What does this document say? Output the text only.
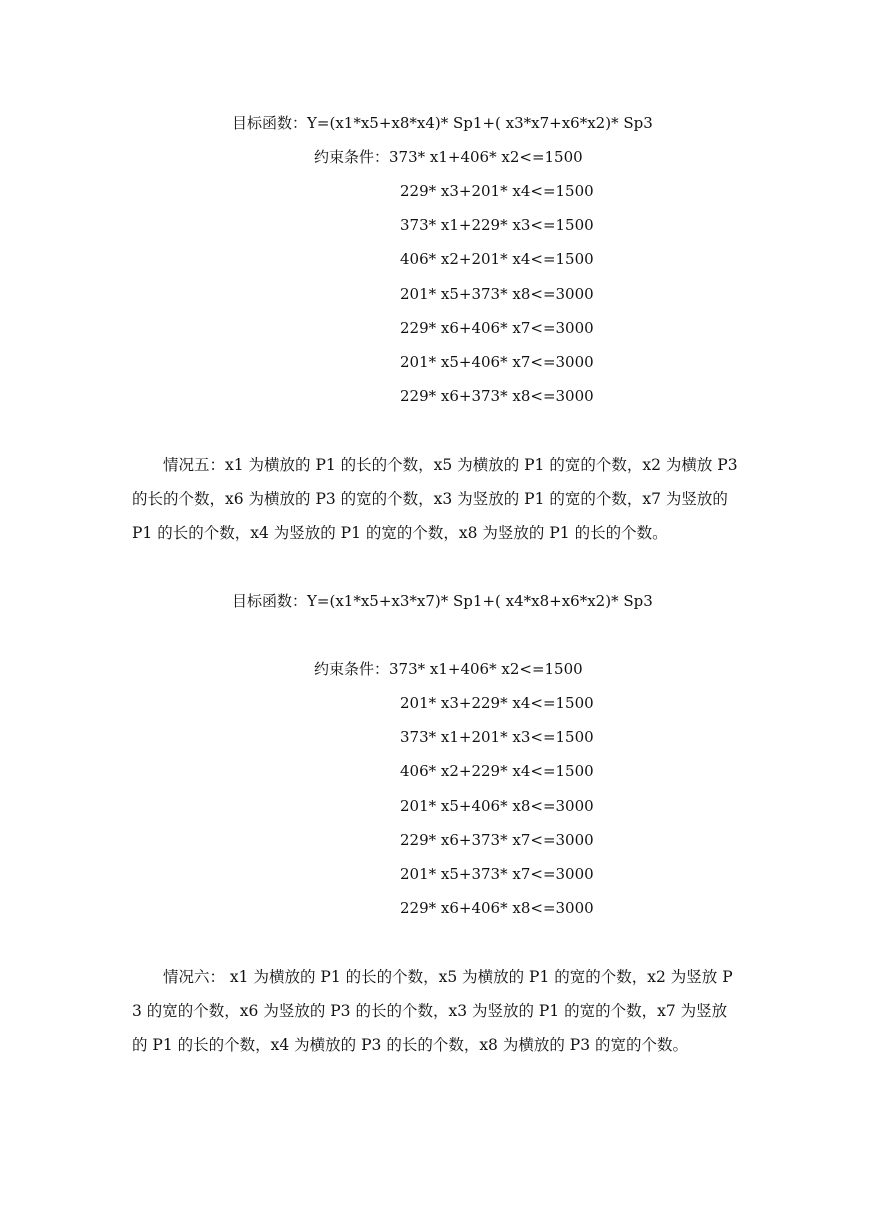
目标函数：Y=(x1*x5+x8*x4)* Sp1+( x3*x7+x6*x2)* Sp3
约束条件：373* x1+406* x2<=1500
229* x3+201* x4<=1500
373* x1+229* x3<=1500
406* x2+201* x4<=1500
201* x5+373* x8<=3000
229* x6+406* x7<=3000
201* x5+406* x7<=3000
229* x6+373* x8<=3000
情况五：x1 为横放的 P1 的长的个数，x5 为横放的 P1 的宽的个数，x2 为横放 P3 的长的个数，x6 为横放的 P3 的宽的个数，x3 为竖放的 P1 的宽的个数，x7 为竖放的 P1 的长的个数，x4 为竖放的 P1 的宽的个数，x8 为竖放的 P1 的长的个数。
目标函数：Y=(x1*x5+x3*x7)* Sp1+( x4*x8+x6*x2)* Sp3
约束条件：373* x1+406* x2<=1500
201* x3+229* x4<=1500
373* x1+201* x3<=1500
406* x2+229* x4<=1500
201* x5+406* x8<=3000
229* x6+373* x7<=3000
201* x5+373* x7<=3000
229* x6+406* x8<=3000
情况六： x1 为横放的 P1 的长的个数，x5 为横放的 P1 的宽的个数，x2 为竖放 P3 的宽的个数，x6 为竖放的 P3 的长的个数，x3 为竖放的 P1 的宽的个数，x7 为竖放的 P1 的长的个数，x4 为横放的 P3 的长的个数，x8 为横放的 P3 的宽的个数。
